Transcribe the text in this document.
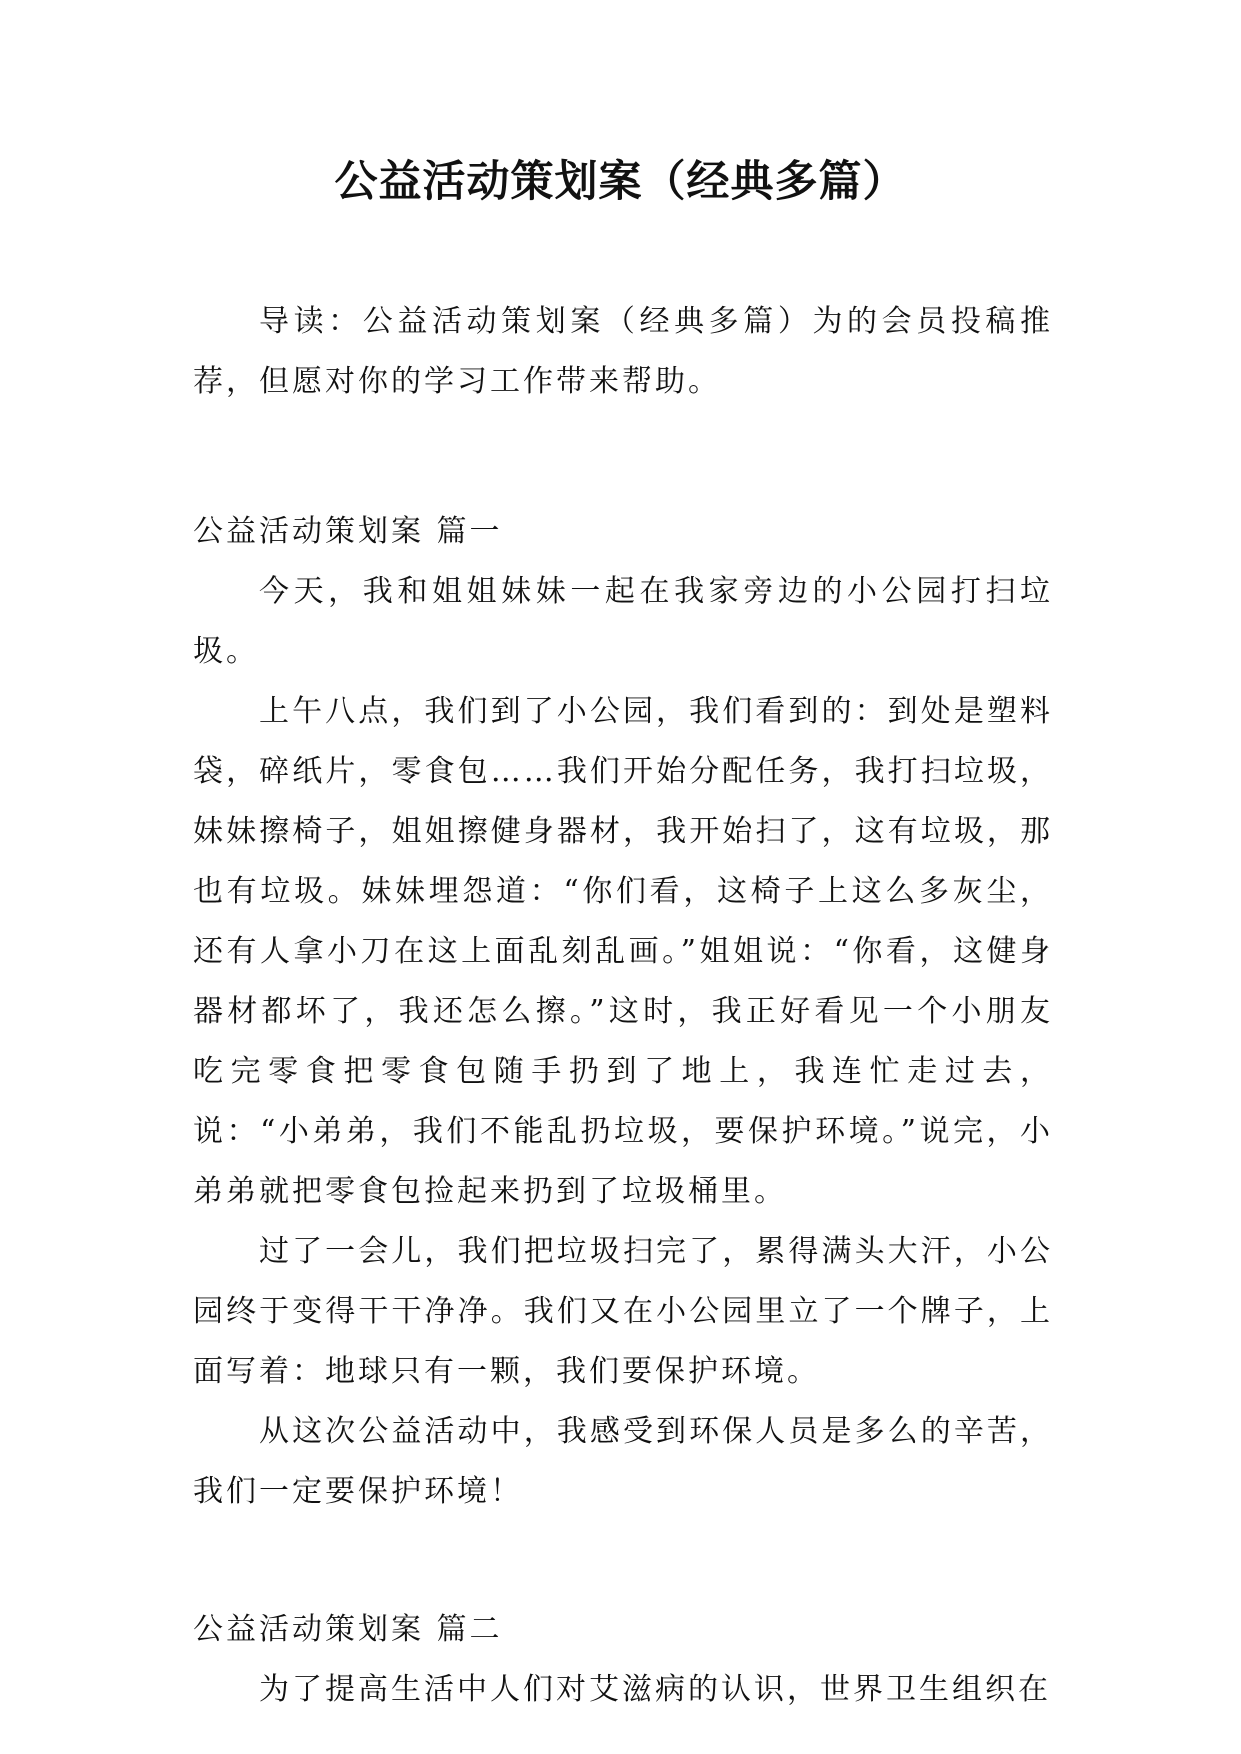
公益活动策划案（经典多篇）

导读：公益活动策划案（经典多篇）为的会员投稿推荐，但愿对你的学习工作带来帮助。

公益活动策划案 篇一

今天，我和姐姐妹妹一起在我家旁边的小公园打扫垃圾。

上午八点，我们到了小公园，我们看到的：到处是塑料袋，碎纸片，零食包……我们开始分配任务，我打扫垃圾，妹妹擦椅子，姐姐擦健身器材，我开始扫了，这有垃圾，那也有垃圾。妹妹埋怨道：“你们看，这椅子上这么多灰尘，还有人拿小刀在这上面乱刻乱画。”姐姐说：“你看，这健身器材都坏了，我还怎么擦。”这时，我正好看见一个小朋友吃完零食把零食包随手扔到了地上，我连忙走过去，说：“小弟弟，我们不能乱扔垃圾，要保护环境。”说完，小弟弟就把零食包捡起来扔到了垃圾桶里。

过了一会儿，我们把垃圾扫完了，累得满头大汗，小公园终于变得干干净净。我们又在小公园里立了一个牌子，上面写着：地球只有一颗，我们要保护环境。

从这次公益活动中，我感受到环保人员是多么的辛苦，我们一定要保护环境！

公益活动策划案 篇二

为了提高生活中人们对艾滋病的认识，世界卫生组织在
